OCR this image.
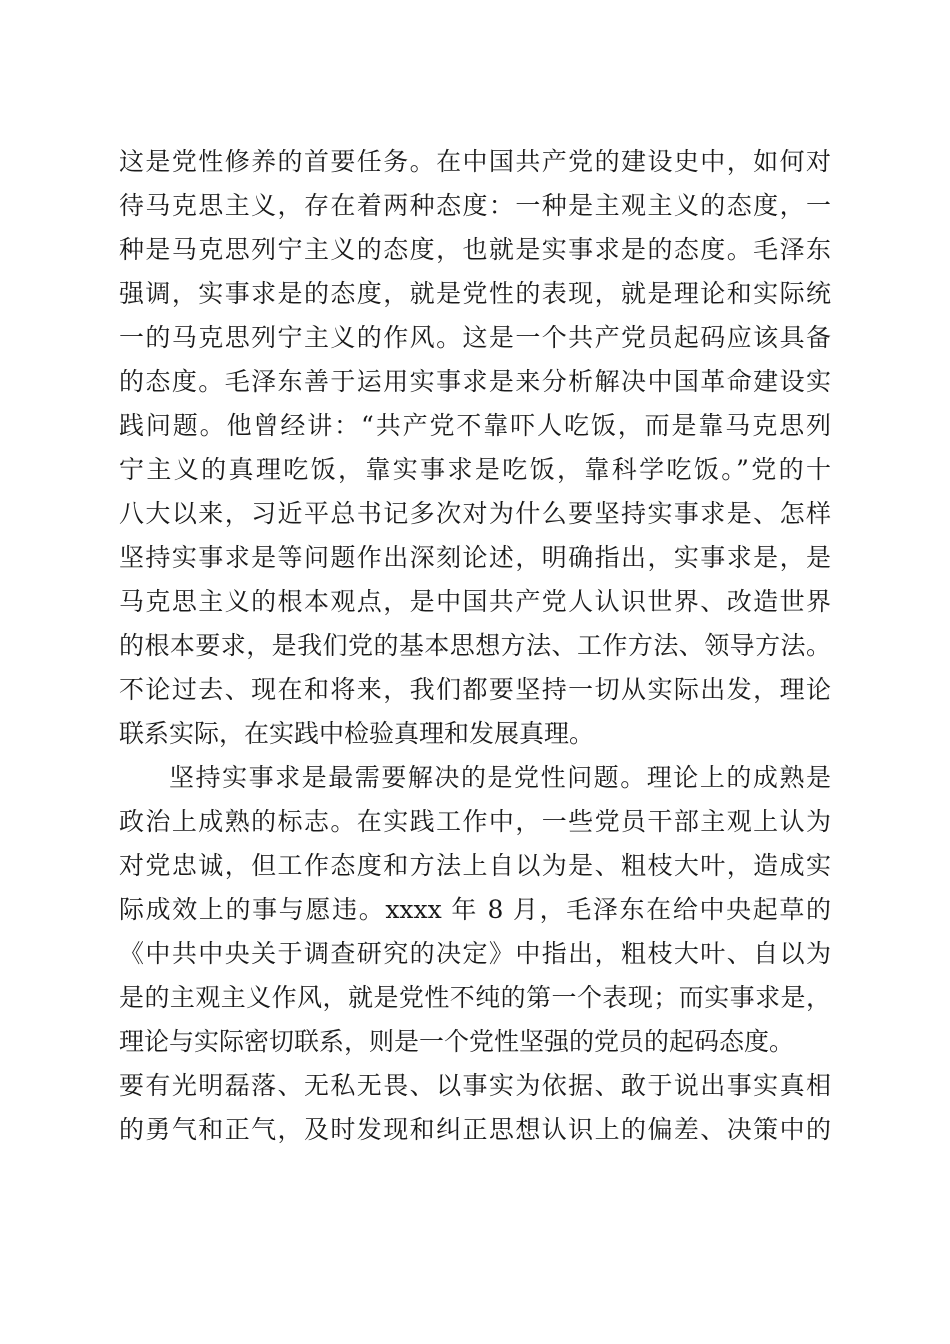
这是党性修养的首要任务。在中国共产党的建设史中，如何对
待马克思主义，存在着两种态度：一种是主观主义的态度，一
种是马克思列宁主义的态度，也就是实事求是的态度。毛泽东
强调，实事求是的态度，就是党性的表现，就是理论和实际统
一的马克思列宁主义的作风。这是一个共产党员起码应该具备
的态度。毛泽东善于运用实事求是来分析解决中国革命建设实
践问题。他曾经讲：“共产党不靠吓人吃饭，而是靠马克思列
宁主义的真理吃饭，靠实事求是吃饭，靠科学吃饭。”党的十
八大以来，习近平总书记多次对为什么要坚持实事求是、怎样
坚持实事求是等问题作出深刻论述，明确指出，实事求是，是
马克思主义的根本观点，是中国共产党人认识世界、改造世界
的根本要求，是我们党的基本思想方法、工作方法、领导方法。
不论过去、现在和将来，我们都要坚持一切从实际出发，理论
联系实际，在实践中检验真理和发展真理。
坚持实事求是最需要解决的是党性问题。理论上的成熟是
政治上成熟的标志。在实践工作中，一些党员干部主观上认为
对党忠诚，但工作态度和方法上自以为是、粗枝大叶，造成实
际成效上的事与愿违。xxxx 年 8 月，毛泽东在给中央起草的
《中共中央关于调查研究的决定》中指出，粗枝大叶、自以为
是的主观主义作风，就是党性不纯的第一个表现；而实事求是，
理论与实际密切联系，则是一个党性坚强的党员的起码态度。
要有光明磊落、无私无畏、以事实为依据、敢于说出事实真相
的勇气和正气，及时发现和纠正思想认识上的偏差、决策中的
